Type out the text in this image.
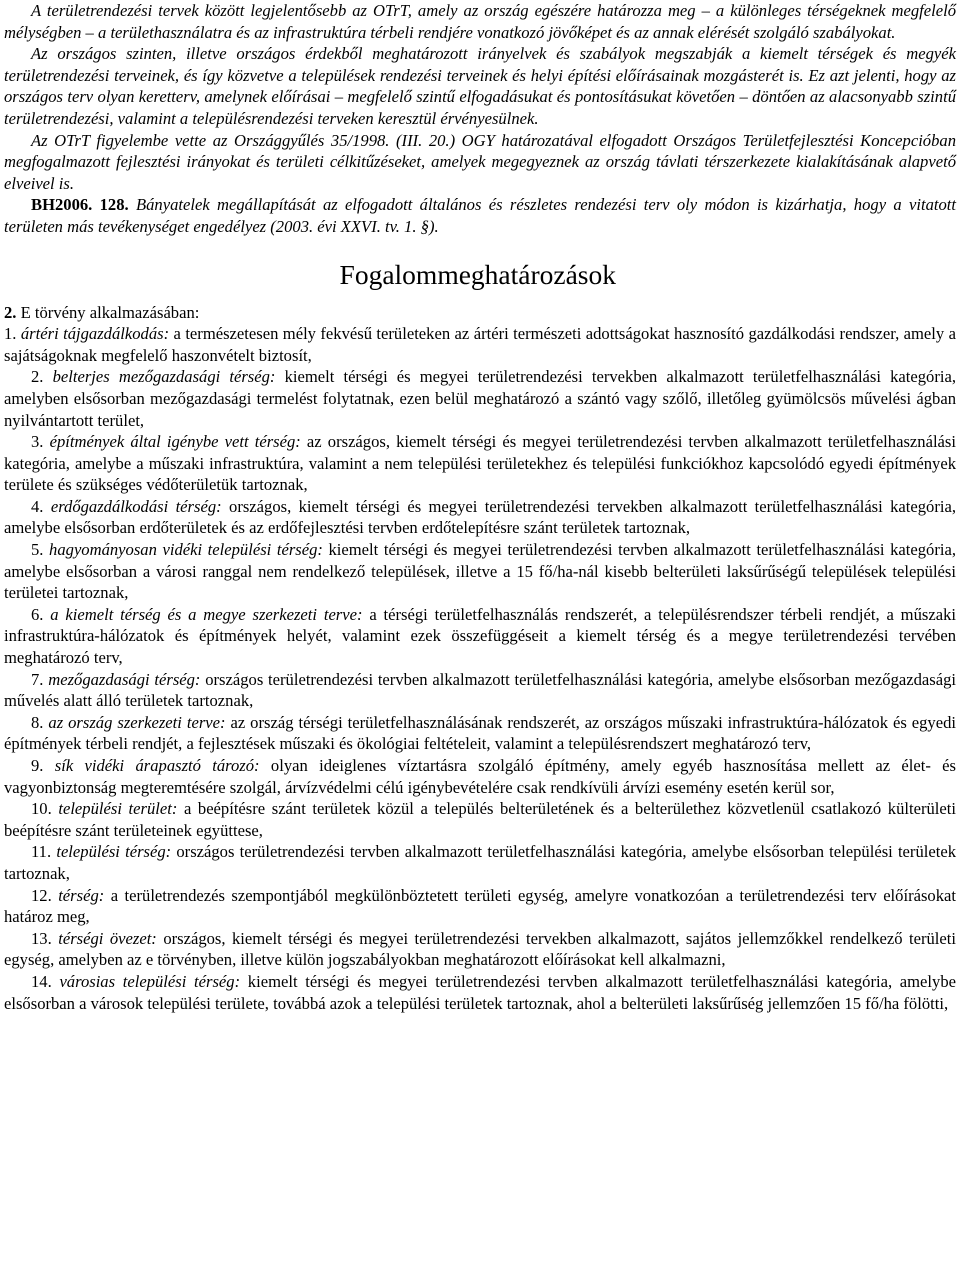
A területrendezési tervek között legjelentősebb az OTrT, amely az ország egészére határozza meg – a különleges térségeknek megfelelő mélységben – a területhasználatra és az infrastruktúra térbeli rendjére vonatkozó jövőképet és az annak elérését szolgáló szabályokat.

Az országos szinten, illetve országos érdekből meghatározott irányelvek és szabályok megszabják a kiemelt térségek és megyék területrendezési terveinek, és így közvetve a települések rendezési terveinek és helyi építési előírásainak mozgásterét is. Ez azt jelenti, hogy az országos terv olyan keretterv, amelynek előírásai – megfelelő szintű elfogadásukat és pontosításukat követően – döntően az alacsonyabb szintű területrendezési, valamint a településrendezési terveken keresztül érvényesülnek.

Az OTrT figyelembe vette az Országgyűlés 35/1998. (III. 20.) OGY határozatával elfogadott Országos Területfejlesztési Koncepcióban megfogalmazott fejlesztési irányokat és területi célkitűzéseket, amelyek megegyeznek az ország távlati térszerkezete kialakításának alapvető elveivel is.

BH2006. 128. Bányatelek megállapítását az elfogadott általános és részletes rendezési terv oly módon is kizárhatja, hogy a vitatott területen más tevékenységet engedélyez (2003. évi XXVI. tv. 1. §).

Fogalommeghatározások

2. E törvény alkalmazásában:

1. ártéri tájgazdálkodás: a természetesen mély fekvésű területeken az ártéri természeti adottságokat hasznosító gazdálkodási rendszer, amely a sajátságoknak megfelelő haszonvételt biztosít,

2. belterjes mezőgazdasági térség: kiemelt térségi és megyei területrendezési tervekben alkalmazott területfelhasználási kategória, amelyben elsősorban mezőgazdasági termelést folytatnak, ezen belül meghatározó a szántó vagy szőlő, illetőleg gyümölcsös művelési ágban nyilvántartott terület,

3. építmények által igénybe vett térség: az országos, kiemelt térségi és megyei területrendezési tervben alkalmazott területfelhasználási kategória, amelybe a műszaki infrastruktúra, valamint a nem települési területekhez és települési funkciókhoz kapcsolódó egyedi építmények területe és szükséges védőterületük tartoznak,

4. erdőgazdálkodási térség: országos, kiemelt térségi és megyei területrendezési tervekben alkalmazott területfelhasználási kategória, amelybe elsősorban erdőterületek és az erdőfejlesztési tervben erdőtelepítésre szánt területek tartoznak,

5. hagyományosan vidéki települési térség: kiemelt térségi és megyei területrendezési tervben alkalmazott területfelhasználási kategória, amelybe elsősorban a városi ranggal nem rendelkező települések, illetve a 15 fő/ha-nál kisebb belterületi laksűrűségű települések települési területei tartoznak,

6. a kiemelt térség és a megye szerkezeti terve: a térségi területfelhasználás rendszerét, a településrendszer térbeli rendjét, a műszaki infrastruktúra-hálózatok és építmények helyét, valamint ezek összefüggéseit a kiemelt térség és a megye területrendezési tervében meghatározó terv,

7. mezőgazdasági térség: országos területrendezési tervben alkalmazott területfelhasználási kategória, amelybe elsősorban mezőgazdasági művelés alatt álló területek tartoznak,

8. az ország szerkezeti terve: az ország térségi területfelhasználásának rendszerét, az országos műszaki infrastruktúra-hálózatok és egyedi építmények térbeli rendjét, a fejlesztések műszaki és ökológiai feltételeit, valamint a településrendszert meghatározó terv,

9. sík vidéki árapasztó tározó: olyan ideiglenes víztartásra szolgáló építmény, amely egyéb hasznosítása mellett az élet- és vagyonbiztonság megteremtésére szolgál, árvízvédelmi célú igénybevételére csak rendkívüli árvízi esemény esetén kerül sor,

10. települési terület: a beépítésre szánt területek közül a település belterületének és a belterülethez közvetlenül csatlakozó külterületi beépítésre szánt területeinek együttese,

11. települési térség: országos területrendezési tervben alkalmazott területfelhasználási kategória, amelybe elsősorban települési területek tartoznak,

12. térség: a területrendezés szempontjából megkülönböztetett területi egység, amelyre vonatkozóan a területrendezési terv előírásokat határoz meg,

13. térségi övezet: országos, kiemelt térségi és megyei területrendezési tervekben alkalmazott, sajátos jellemzőkkel rendelkező területi egység, amelyben az e törvényben, illetve külön jogszabályokban meghatározott előírásokat kell alkalmazni,

14. városias települési térség: kiemelt térségi és megyei területrendezési tervben alkalmazott területfelhasználási kategória, amelybe elsősorban a városok települési területe, továbbá azok a települési területek tartoznak, ahol a belterületi laksűrűség jellemzően 15 fő/ha fölötti,
